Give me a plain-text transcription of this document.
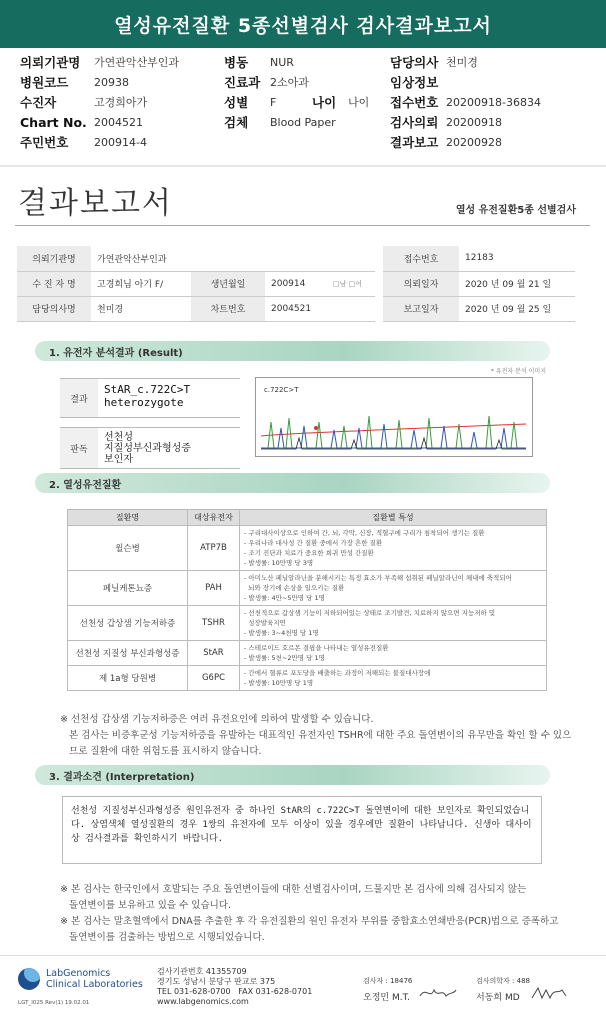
열성유전질환 5종선별검사 검사결과보고서
의뢰기관명	가연관악산부인과	병동	NUR	담당의사 천미경
병원코드	20938	진료과 2소아과	임상정보
수진자	고경희아가	성별	F	나이	나이	접수번호 20200918-36834
Chart No. 2004521	검체	Blood Paper	검사의뢰 20200918
주민번호	200914-4	결과보고 20200928
결과보고서	열성 유전질환5종 선별검사
의뢰기관명	가연관악산부인과					접수번호	12183
수 진 자 명	고경희님 아기 F/	생년월일	200914	□남 □여		의뢰일자	2020 년 09 월 21 일
담당의사명	천미경	차트번호	2004521			보고일자	2020 년 09 월 25 일
1. 유전자 분석결과 (Result)
* 유전자 분석 이미지
결과
StAR_c.722C>T
heterozygote
판독
선천성
지질성부신과형성증
보인자
c.722C>T
2. 열성유전질환
질환명	대상유전자	질환별 특성
윌슨병	ATP7B	- 구리대사이상으로 인하여 간, 뇌, 각막, 신장, 적혈구에 구리가 침착되어 생기는 질환
- 우리나라 대사성 간 질환 중에서 가장 흔한 질환
- 조기 진단과 치료가 중요한 희귀 만성 간질환
- 발생률: 10만명 당 3명

페닐케톤뇨증	PAH	- 아미노산 페닐알라닌을 분해시키는 특정 효소가 부족해 섭취된 페닐알라닌이 체내에 축적되어
뇌와 장기에 손상을 일으키는 질환
- 발생률: 4만~5만명 당 1명

선천성 갑상샘 기능저하증	TSHR	- 선천적으로 갑상샘 기능이 저하되어있는 상태로 조기발견, 치료하지 않으면 지능저하 및
성장발육지연
- 발생률: 3~4천명 당 1명

선천성 지질성 부신과형성증	StAR	- 스테로이드 호르몬 결핍을 나타내는 열성유전질환
- 발생률: 5천~2만명 당 1명

제 1a형 당원병	G6PC	- 간에서 혈류로 포도당을 배출하는 과정이 저해되는 불질대사장애
- 발생률: 10만명 당 1명
※ 선천성 갑상샘 기능저하증은 여러 유전요인에 의하여 발생할 수 있습니다.
본 검사는 비증후군성 기능저하증을 유발하는 대표적인 유전자인 TSHR에 대한 주요 돌연변이의 유무만을 확인 할 수 있으
므로 질환에 대한 위험도를 표시하지 않습니다.
3. 결과소견 (Interpretation)
선천성 지질성부신과형성증 원인유전자 중 하나인 StAR의 c.722C>T 돌연변이에 대한 보인자로 확인되었습니다. 상염색체 열성질환의 경우 1쌍의 유전자에 모두 이상이 있을 경우에만 질환이 나타납니다. 신생아 대사이상 검사결과를 확인하시기 바랍니다.
※ 본 검사는 한국인에서 호발되는 주요 돌연변이들에 대한 선별검사이며, 드물지만 본 검사에 의해 검사되지 않는
돌연변이를 보유하고 있을 수 있습니다.
※ 본 검사는 말초혈액에서 DNA를 추출한 후 각 유전질환의 원인 유전자 부위를 중합효소연쇄반응(PCR)법으로 증폭하고
돌연변이를 검출하는 방법으로 시행되었습니다.
LabGenomics
Clinical Laboratories
검사기관번호 41355709
경기도 성남시 분당구 판교로 375
TEL 031-628-0700   FAX 031-628-0701
www.labgenomics.com
검사자 : 18476
오정민 M.T.
검사의학자 : 488
서동희 MD
LGT_I025 Rev(1) 19.02.01
